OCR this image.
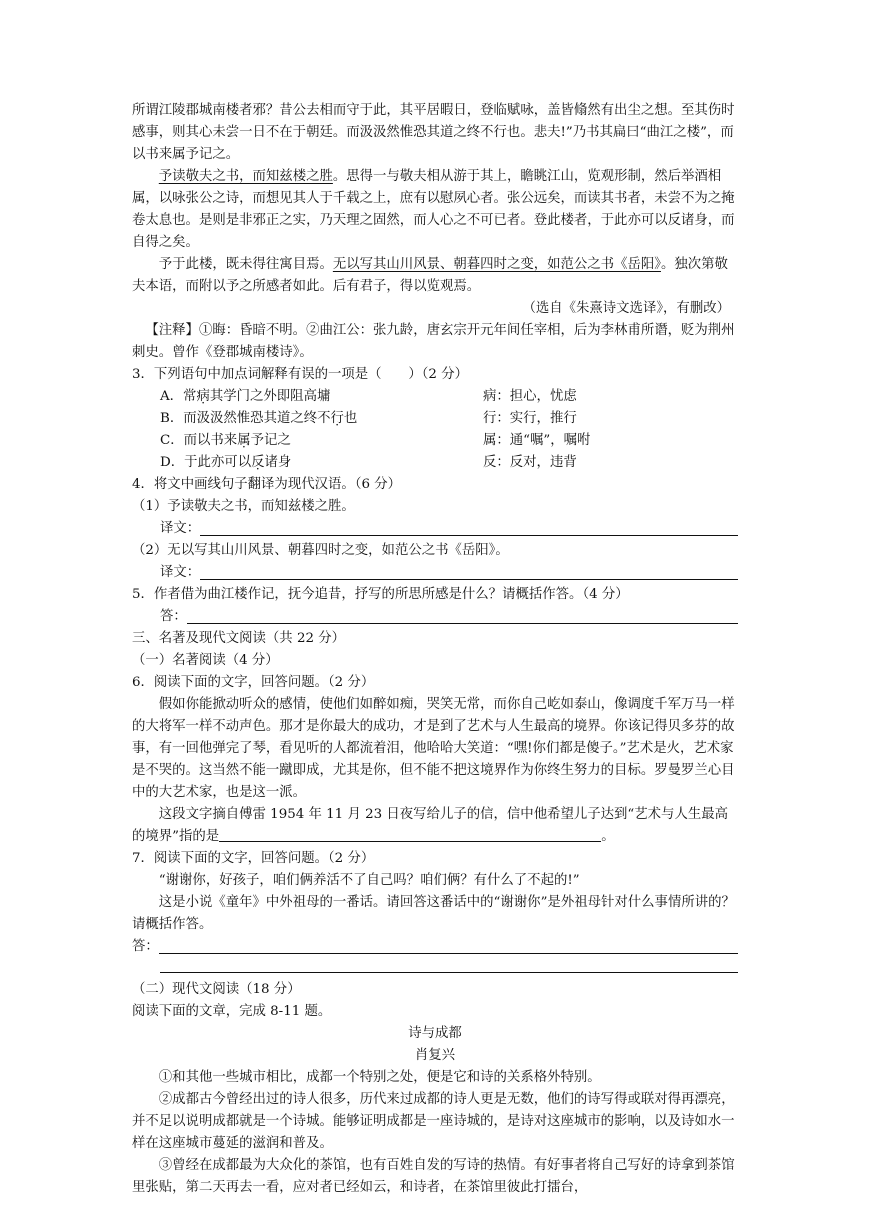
所谓江陵郡城南楼者邪？昔公去相而守于此，其平居暇日，登临赋咏，盖皆翛然有出尘之想。至其伤时感事，则其心未尝一日不在于朝廷。而汲汲然惟恐其道之终不行也。悲夫!”乃书其扁曰“曲江之楼”，而以书来属予记之。

予读敬夫之书，而知兹楼之胜。思得一与敬夫相从游于其上，瞻眺江山，览观形制，然后举酒相属，以咏张公之诗，而想见其人于千载之上，庶有以慰夙心者。张公远矣，而读其书者，未尝不为之掩卷太息也。是则是非邪正之实，乃天理之固然，而人心之不可已者。登此楼者，于此亦可以反诸身，而自得之矣。

予于此楼，既未得往寓目焉。无以写其山川风景、朝暮四时之变，如范公之书《岳阳》。独次第敬夫本语，而附以予之所感者如此。后有君子，得以览观焉。

（选自《朱熹诗文选译》，有删改）

【注释】①晦：昏暗不明。②曲江公：张九龄，唐玄宗开元年间任宰相，后为李林甫所谮，贬为荆州刺史。曾作《登郡城南楼诗》。

3．下列语句中加点词解释有误的一项是（　　）（2 分）

A．常病其学门之外即阻高墉	病：担心，忧虑
B．而汲汲然惟恐其道之终不行也	行：实行，推行
C．而以书来属予记之	属：通“嘱”，嘱咐
D．于此亦可以反诸身	反：反对，违背

4．将文中画线句子翻译为现代汉语。（6 分）

（1）予读敬夫之书，而知兹楼之胜。

译文：

（2）无以写其山川风景、朝暮四时之变，如范公之书《岳阳》。

译文：

5．作者借为曲江楼作记，抚今追昔，抒写的所思所感是什么？请概括作答。（4 分）

答：

三、名著及现代文阅读（共 22 分）

（一）名著阅读（4 分）

6．阅读下面的文字，回答问题。（2 分）

假如你能掀动听众的感情，使他们如醉如痴，哭笑无常，而你自己屹如泰山，像调度千军万马一样的大将军一样不动声色。那才是你最大的成功，才是到了艺术与人生最高的境界。你该记得贝多芬的故事，有一回他弹完了琴，看见听的人都流着泪，他哈哈大笑道：“嘿!你们都是傻子。”艺术是火，艺术家是不哭的。这当然不能一蹴即成，尤其是你，但不能不把这境界作为你终生努力的目标。罗曼罗兰心目中的大艺术家，也是这一派。

这段文字摘自傅雷 1954 年 11 月 23 日夜写给儿子的信，信中他希望儿子达到“艺术与人生最高的境界”指的是	。

7．阅读下面的文字，回答问题。（2 分）

“谢谢你，好孩子，咱们俩养活不了自己吗？咱们俩？有什么了不起的!”

这是小说《童年》中外祖母的一番话。请回答这番话中的“谢谢你”是外祖母针对什么事情所讲的？请概括作答。

答：

（二）现代文阅读（18 分）

阅读下面的文章，完成 8-11 题。

诗与成都

肖复兴

①和其他一些城市相比，成都一个特别之处，便是它和诗的关系格外特别。

②成都古今曾经出过的诗人很多，历代来过成都的诗人更是无数，他们的诗写得或联对得再漂亮，并不足以说明成都就是一个诗城。能够证明成都是一座诗城的，是诗对这座城市的影响，以及诗如水一样在这座城市蔓延的滋润和普及。

③曾经在成都最为大众化的茶馆，也有百姓自发的写诗的热情。有好事者将自己写好的诗拿到茶馆里张贴，第二天再去一看，应对者已经如云，和诗者，在茶馆里彼此打擂台，
